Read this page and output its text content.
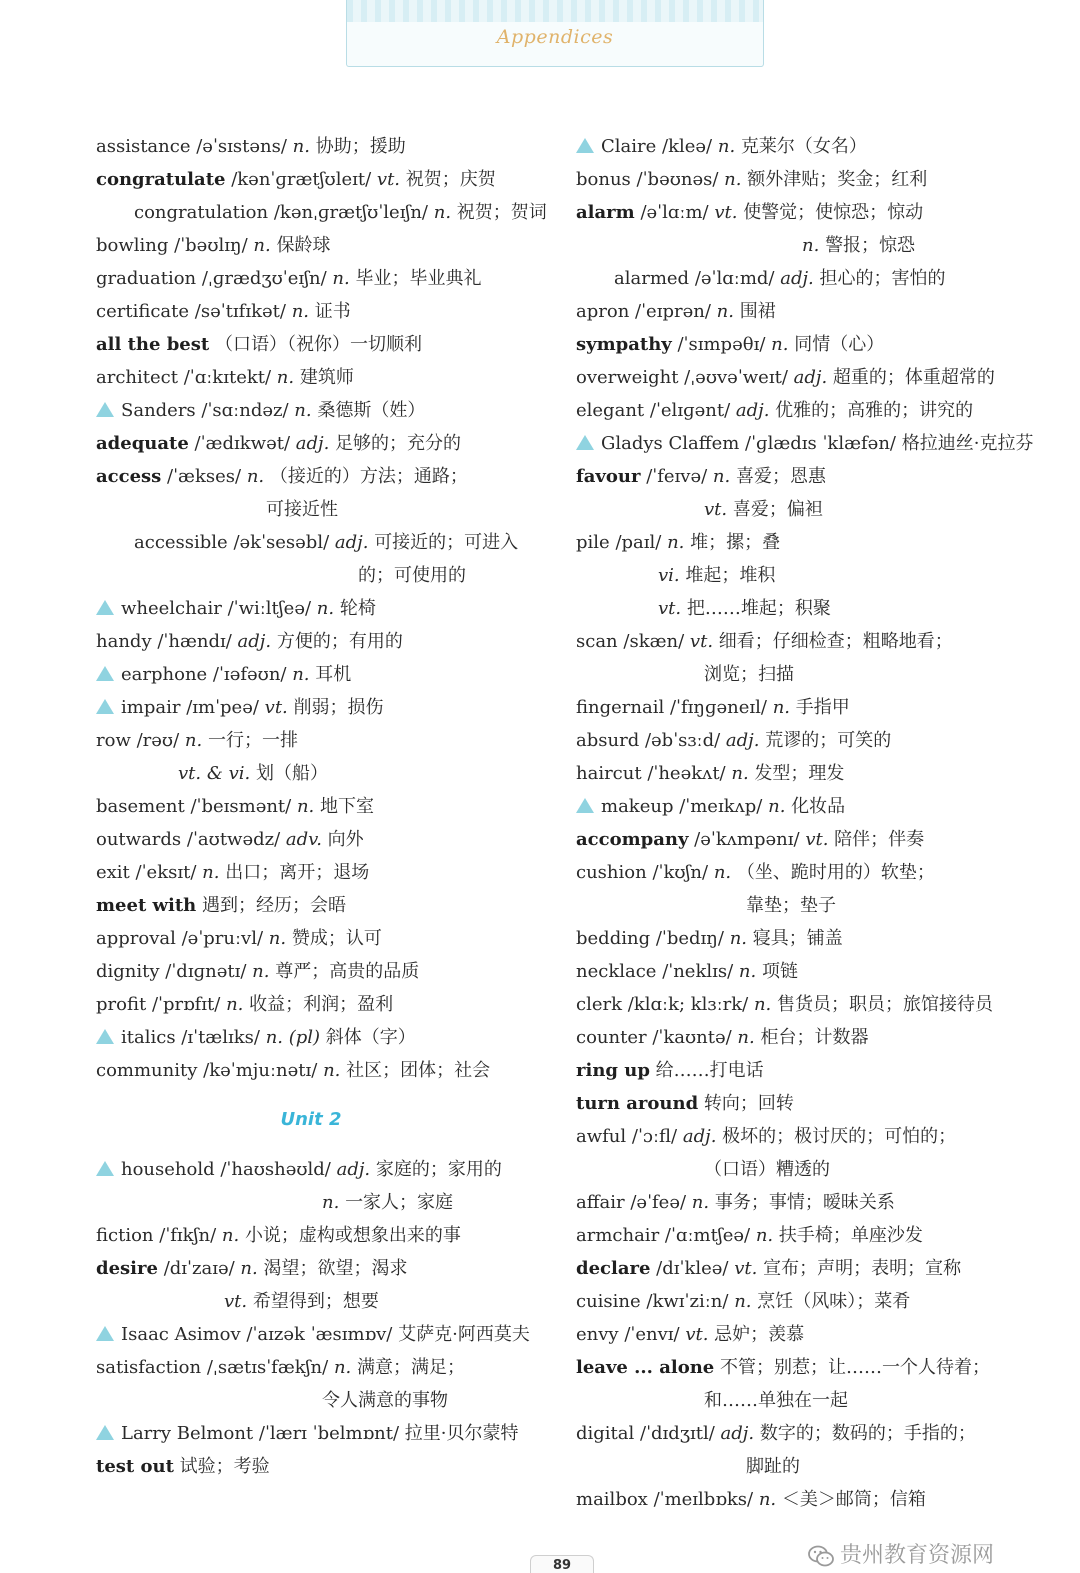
Appendices
assistance /əˈsɪstəns/ n. 协助；援助
congratulate /kənˈɡrætʃʊleɪt/ vt. 祝贺；庆贺
congratulation /kənˌɡrætʃʊˈleɪʃn/ n. 祝贺；贺词
bowling /ˈbəʊlɪŋ/ n. 保龄球
graduation /ˌɡrædʒʊˈeɪʃn/ n. 毕业；毕业典礼
certificate /səˈtɪfɪkət/ n. 证书
all the best （口语）（祝你）一切顺利
architect /ˈɑːkɪtekt/ n. 建筑师
Sanders /ˈsɑːndəz/ n. 桑德斯（姓）
adequate /ˈædɪkwət/ adj. 足够的；充分的
access /ˈækses/ n. （接近的）方法；通路；
可接近性
accessible /əkˈsesəbl/ adj. 可接近的；可进入
的；可使用的
wheelchair /ˈwiːltʃeə/ n. 轮椅
handy /ˈhændɪ/ adj. 方便的；有用的
earphone /ˈɪəfəʊn/ n. 耳机
impair /ɪmˈpeə/ vt. 削弱；损伤
row /rəʊ/ n. 一行；一排
vt. & vi. 划（船）
basement /ˈbeɪsmənt/ n. 地下室
outwards /ˈaʊtwədz/ adv. 向外
exit /ˈeksɪt/ n. 出口；离开；退场
meet with 遇到；经历；会晤
approval /əˈpruːvl/ n. 赞成；认可
dignity /ˈdɪɡnətɪ/ n. 尊严；高贵的品质
profit /ˈprɒfɪt/ n. 收益；利润；盈利
italics /ɪˈtælɪks/ n. (pl) 斜体（字）
community /kəˈmjuːnətɪ/ n. 社区；团体；社会
Unit 2
household /ˈhaʊshəʊld/ adj. 家庭的；家用的
n. 一家人；家庭
fiction /ˈfɪkʃn/ n. 小说；虚构或想象出来的事
desire /dɪˈzaɪə/ n. 渴望；欲望；渴求
vt. 希望得到；想要
Isaac Asimov /ˈaɪzək ˈæsɪmɒv/ 艾萨克·阿西莫夫
satisfaction /ˌsætɪsˈfækʃn/ n. 满意；满足；
令人满意的事物
Larry Belmont /ˈlærɪ ˈbelmɒnt/ 拉里·贝尔蒙特
test out 试验；考验
Claire /kleə/ n. 克莱尔（女名）
bonus /ˈbəʊnəs/ n. 额外津贴；奖金；红利
alarm /əˈlɑːm/ vt. 使警觉；使惊恐；惊动
n. 警报；惊恐
alarmed /əˈlɑːmd/ adj. 担心的；害怕的
apron /ˈeɪprən/ n. 围裙
sympathy /ˈsɪmpəθɪ/ n. 同情（心）
overweight /ˌəʊvəˈweɪt/ adj. 超重的；体重超常的
elegant /ˈelɪɡənt/ adj. 优雅的；高雅的；讲究的
Gladys Claffem /ˈɡlædɪs ˈklæfən/ 格拉迪丝·克拉芬
favour /ˈfeɪvə/ n. 喜爱；恩惠
vt. 喜爱；偏袒
pile /paɪl/ n. 堆；摞；叠
vi. 堆起；堆积
vt. 把……堆起；积聚
scan /skæn/ vt. 细看；仔细检查；粗略地看；
浏览；扫描
fingernail /ˈfɪŋɡəneɪl/ n. 手指甲
absurd /əbˈsɜːd/ adj. 荒谬的；可笑的
haircut /ˈheəkʌt/ n. 发型；理发
makeup /ˈmeɪkʌp/ n. 化妆品
accompany /əˈkʌmpənɪ/ vt. 陪伴；伴奏
cushion /ˈkʊʃn/ n. （坐、跪时用的）软垫；
靠垫；垫子
bedding /ˈbedɪŋ/ n. 寝具；铺盖
necklace /ˈneklɪs/ n. 项链
clerk /klɑːk; klɜːrk/ n. 售货员；职员；旅馆接待员
counter /ˈkaʊntə/ n. 柜台；计数器
ring up 给……打电话
turn around 转向；回转
awful /ˈɔːfl/ adj. 极坏的；极讨厌的；可怕的；
（口语）糟透的
affair /əˈfeə/ n. 事务；事情；暧昧关系
armchair /ˈɑːmtʃeə/ n. 扶手椅；单座沙发
declare /dɪˈkleə/ vt. 宣布；声明；表明；宣称
cuisine /kwɪˈziːn/ n. 烹饪（风味）；菜肴
envy /ˈenvɪ/ vt. 忌妒；羡慕
leave ... alone 不管；别惹；让……一个人待着；
和……单独在一起
digital /ˈdɪdʒɪtl/ adj. 数字的；数码的；手指的；
脚趾的
mailbox /ˈmeɪlbɒks/ n. ＜美＞邮筒；信箱
89	贵州教育资源网
